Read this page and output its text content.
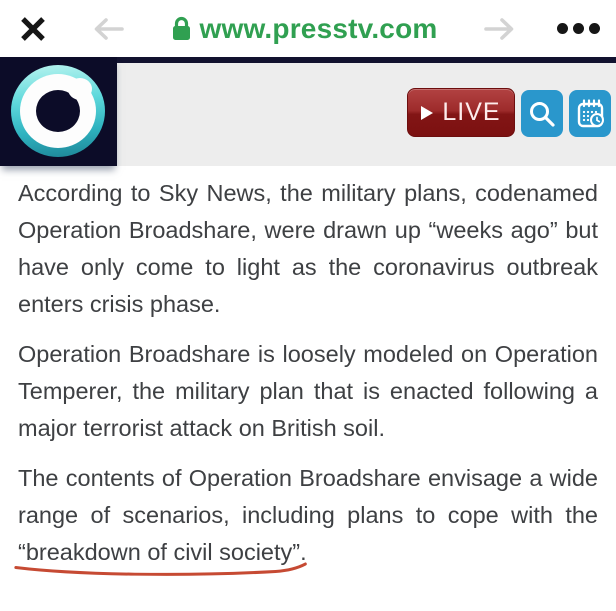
www.presstv.com
LIVE

According to Sky News, the military plans, codenamed Operation Broadshare, were drawn up “weeks ago” but have only come to light as the coronavirus outbreak enters crisis phase.

Operation Broadshare is loosely modeled on Operation Temperer, the military plan that is enacted following a major terrorist attack on British soil.

The contents of Operation Broadshare envisage a wide range of scenarios, including plans to cope with the “breakdown of civil society”
.
